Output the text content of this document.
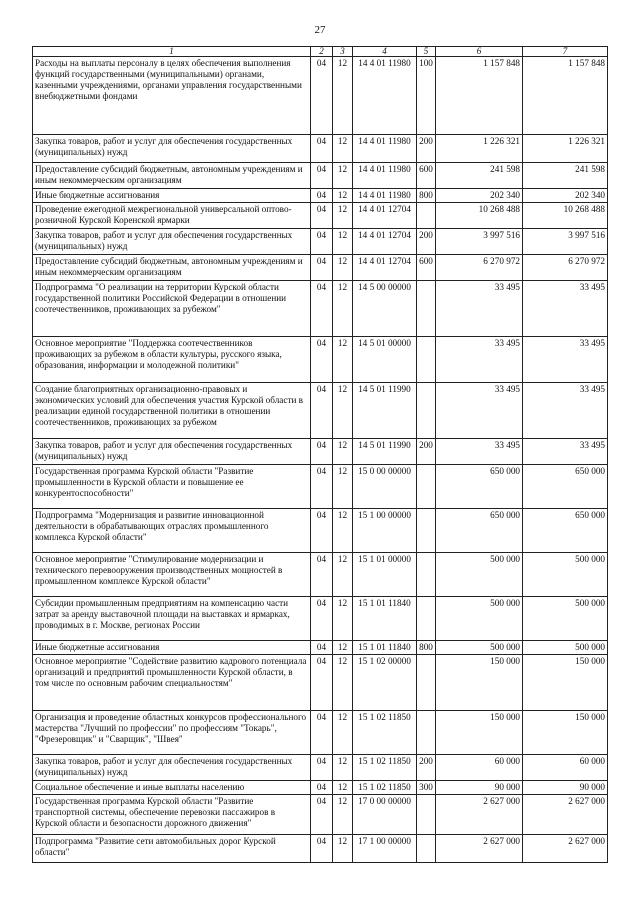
27
1	2	3	4	5	6	7
Расходы на выплаты персоналу в целях обеспечения выполнения функций государственными (муниципальными) органами, казенными учреждениями, органами управления государственными внебюджетными фондами	04	12	14 4 01 11980	100	1 157 848	1 157 848
Закупка товаров, работ и услуг для обеспечения государственных (муниципальных) нужд	04	12	14 4 01 11980	200	1 226 321	1 226 321
Предоставление субсидий бюджетным, автономным учреждениям и иным некоммерческим организациям	04	12	14 4 01 11980	600	241 598	241 598
Иные бюджетные ассигнования	04	12	14 4 01 11980	800	202 340	202 340
Проведение ежегодной межрегиональной универсальной оптово-розничной Курской Коренской ярмарки	04	12	14 4 01 12704		10 268 488	10 268 488
Закупка товаров, работ и услуг для обеспечения государственных (муниципальных) нужд	04	12	14 4 01 12704	200	3 997 516	3 997 516
Предоставление субсидий бюджетным, автономным учреждениям и иным некоммерческим организациям	04	12	14 4 01 12704	600	6 270 972	6 270 972
Подпрограмма "О реализации на территории Курской области государственной политики Российской Федерации в отношении соотечественников, проживающих за рубежом"	04	12	14 5 00 00000		33 495	33 495
Основное мероприятие "Поддержка соотечественников проживающих за рубежом в области культуры, русского языка, образования, информации и молодежной политики"	04	12	14 5 01 00000		33 495	33 495
Создание благоприятных организационно-правовых и экономических условий для обеспечения участия Курской области в реализации единой государственной политики в отношении соотечественников, проживающих за рубежом	04	12	14 5 01 11990		33 495	33 495
Закупка товаров, работ и услуг для обеспечения государственных (муниципальных) нужд	04	12	14 5 01 11990	200	33 495	33 495
Государственная программа Курской области "Развитие промышленности в Курской области и повышение ее конкурентоспособности"	04	12	15 0 00 00000		650 000	650 000
Подпрограмма "Модернизация и развитие инновационной деятельности в обрабатывающих отраслях промышленного комплекса Курской области"	04	12	15 1 00 00000		650 000	650 000
Основное мероприятие "Стимулирование модернизации и технического перевооружения производственных мощностей в промышленном комплексе Курской области"	04	12	15 1 01 00000		500 000	500 000
Субсидии промышленным предприятиям на компенсацию части затрат за аренду выставочной площади на выставках и ярмарках, проводимых в г. Москве, регионах России	04	12	15 1 01 11840		500 000	500 000
Иные бюджетные ассигнования	04	12	15 1 01 11840	800	500 000	500 000
Основное мероприятие "Содействие развитию кадрового потенциала организаций и предприятий промышленности Курской области, в том числе по основным рабочим специальностям"	04	12	15 1 02 00000		150 000	150 000
Организация и проведение областных конкурсов профессионального мастерства "Лучший по профессии" по профессиям "Токарь", "Фрезеровщик" и "Сварщик", "Швея"	04	12	15 1 02 11850		150 000	150 000
Закупка товаров, работ и услуг для обеспечения государственных (муниципальных) нужд	04	12	15 1 02 11850	200	60 000	60 000
Социальное обеспечение и иные выплаты населению	04	12	15 1 02 11850	300	90 000	90 000
Государственная программа Курской области "Развитие транспортной системы, обеспечение перевозки пассажиров в Курской области и безопасности дорожного движения"	04	12	17 0 00 00000		2 627 000	2 627 000
Подпрограмма "Развитие сети автомобильных дорог Курской области"	04	12	17 1 00 00000		2 627 000	2 627 000
